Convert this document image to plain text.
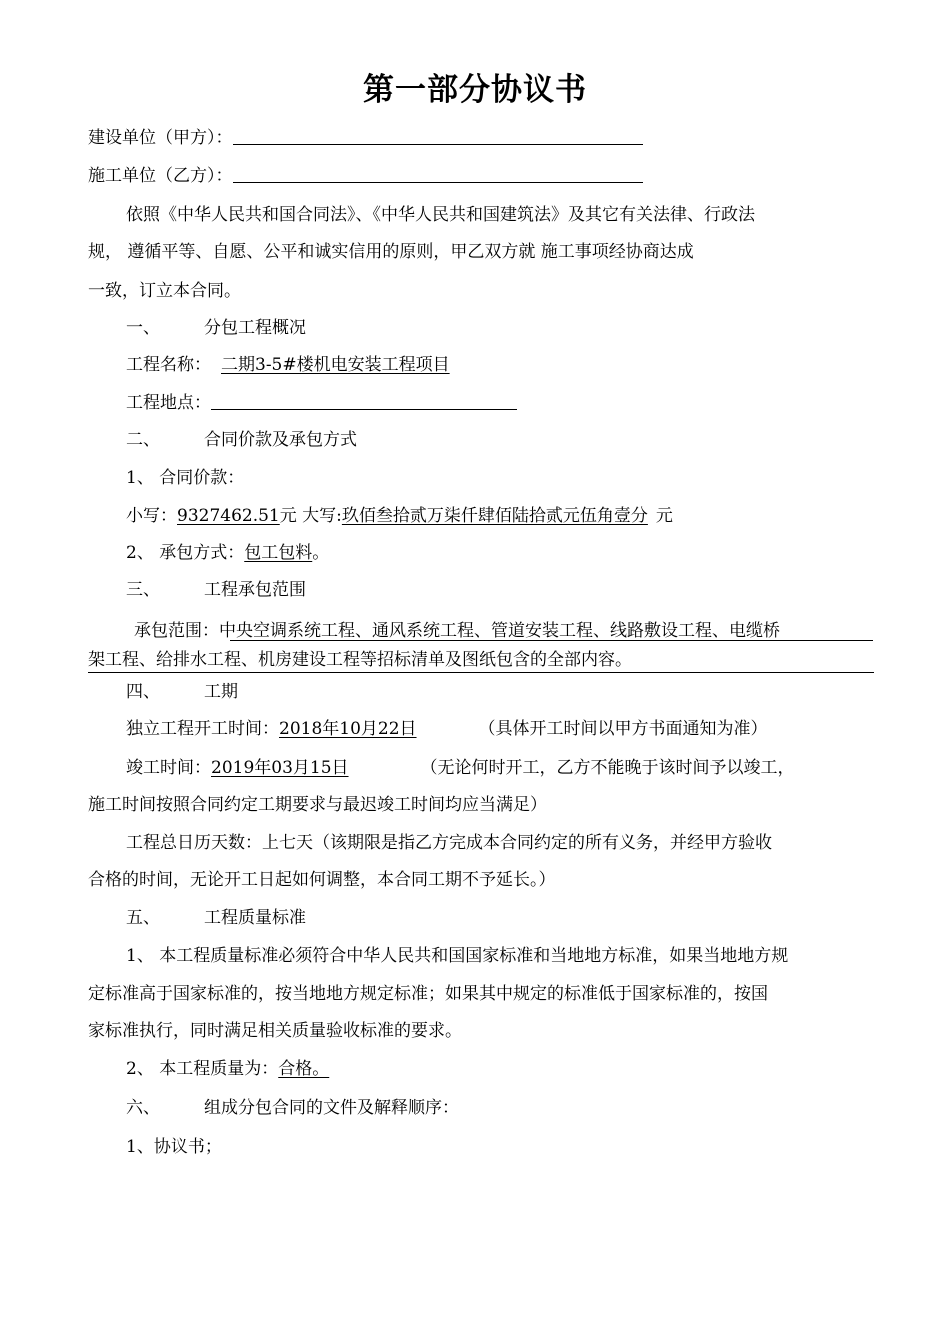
第一部分协议书
建设单位（甲方）：
施工单位（乙方）：
依照《中华人民共和国合同法》、《中华人民共和国建筑法》及其它有关法律、行政法
规， 遵循平等、自愿、公平和诚实信用的原则，甲乙双方就 施工事项经协商达成
一致，订立本合同。
一、	分包工程概况
工程名称： 二期3-5#楼机电安装工程项目
工程地点：
二、	合同价款及承包方式
1、 合同价款：
小写：9327462.51元 大写:玖佰叁拾贰万柒仟肆佰陆拾贰元伍角壹分 元
2、 承包方式：包工包料。
三、	工程承包范围
承包范围：中央空调系统工程、通风系统工程、管道安装工程、线路敷设工程、电缆桥
架工程、给排水工程、机房建设工程等招标清单及图纸包含的全部内容。
四、	工期
独立工程开工时间：2018年10月22日	（具体开工时间以甲方书面通知为准）
竣工时间：2019年03月15日	（无论何时开工，乙方不能晚于该时间予以竣工，
施工时间按照合同约定工期要求与最迟竣工时间均应当满足）
工程总日历天数：上七天（该期限是指乙方完成本合同约定的所有义务，并经甲方验收
合格的时间，无论开工日起如何调整，本合同工期不予延长。）
五、	工程质量标准
1、 本工程质量标准必须符合中华人民共和国国家标准和当地地方标准，如果当地地方规
定标准高于国家标准的，按当地地方规定标准；如果其中规定的标准低于国家标准的，按国
家标准执行，同时满足相关质量验收标准的要求。
2、 本工程质量为：合格。
六、	组成分包合同的文件及解释顺序：
1、协议书；
